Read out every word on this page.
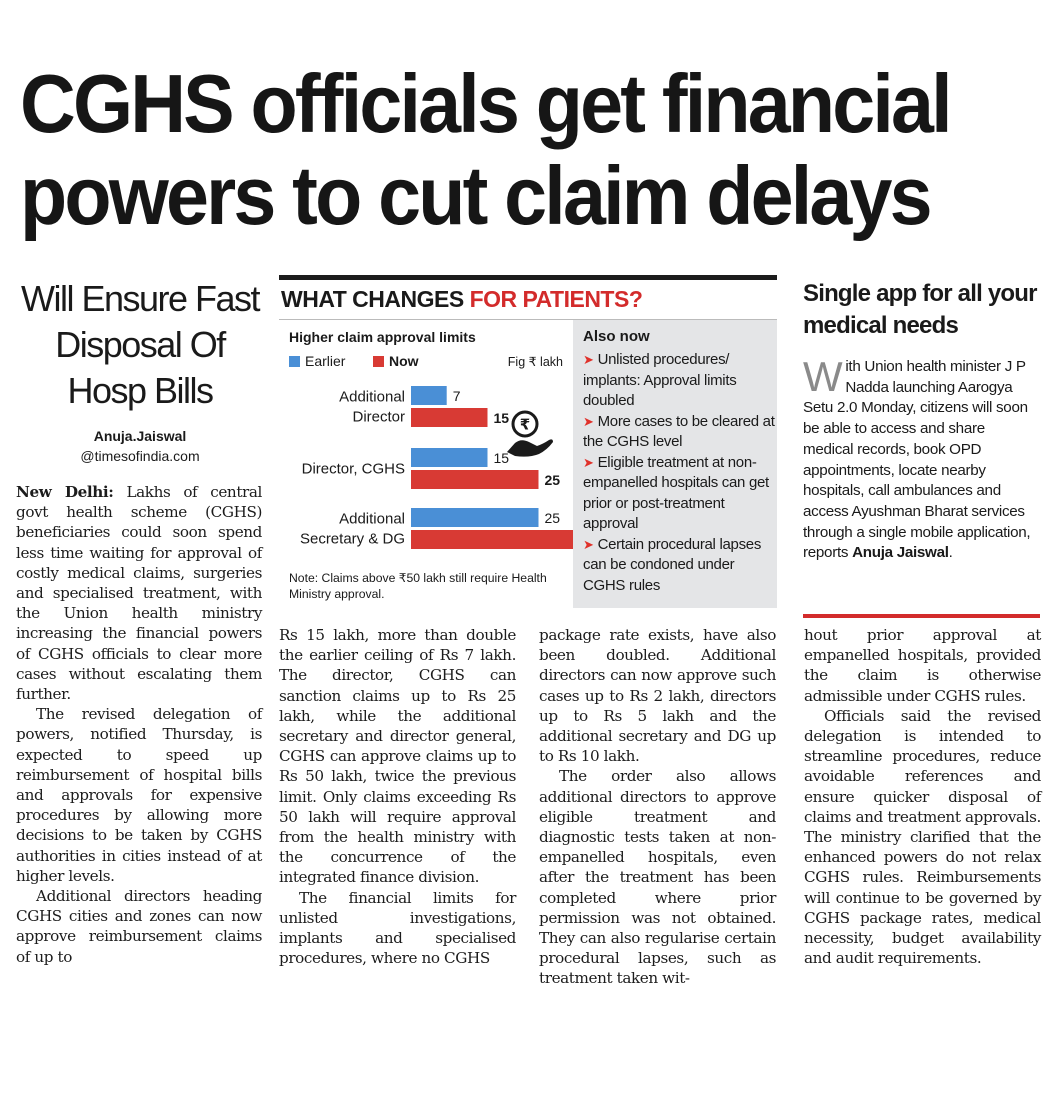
CGHS officials get financial powers to cut claim delays
Will Ensure Fast Disposal Of Hosp Bills
Anuja.Jaiswal
@timesofindia.com

New Delhi: Lakhs of central govt health scheme (CGHS) beneficiaries could soon spend less time waiting for approval of costly medical claims, surgeries and specialised treatment, with the Union health ministry increasing the financial powers of CGHS officials to clear more cases without escalating them further.

The revised delegation of powers, notified Thursday, is expected to speed up reimbursement of hospital bills and approvals for expensive procedures by allowing more decisions to be taken by CGHS authorities in cities instead of at higher levels.

Additional directors heading CGHS cities and zones can now approve reimbursement claims of up to

WHAT CHANGES FOR PATIENTS?
Higher claim approval limits
Earlier	Now	Fig ₹ lakh
₹
7
15
Additional
Director
15
25
Director, CGHS
25
Additional
Secretary & DG
Note: Claims above ₹50 lakh still require Health Ministry approval.
Also now
➤ Unlisted procedures/ implants: Approval limits doubled
➤ More cases to be cleared at the CGHS level
➤ Eligible treatment at non-empanelled hospitals can get prior or post-treatment approval
➤ Certain procedural lapses can be condoned under CGHS rules

Rs 15 lakh, more than double the earlier ceiling of Rs 7 lakh. The director, CGHS can sanction claims up to Rs 25 lakh, while the additional secretary and director general, CGHS can approve claims up to Rs 50 lakh, twice the previous limit. Only claims exceeding Rs 50 lakh will require approval from the health ministry with the concurrence of the integrated finance division.

The financial limits for unlisted investigations, implants and specialised procedures, where no CGHS

package rate exists, have also been doubled. Additional directors can now approve such cases up to Rs 2 lakh, directors up to Rs 5 lakh and the additional secretary and DG up to Rs 10 lakh.

The order also allows additional directors to approve eligible treatment and diagnostic tests taken at non-empanelled hospitals, even after the treatment has been completed where prior permission was not obtained. They can also regularise certain procedural lapses, such as treatment taken wit-

hout prior approval at empanelled hospitals, provided the claim is otherwise admissible under CGHS rules.

Officials said the revised delegation is intended to streamline procedures, reduce avoidable references and ensure quicker disposal of claims and treatment approvals. The ministry clarified that the enhanced powers do not relax CGHS rules. Reimbursements will continue to be governed by CGHS package rates, medical necessity, budget availability and audit requirements.

Single app for all your medical needs
With Union health minister J P Nadda launching Aarogya Setu 2.0 Monday, citizens will soon be able to access and share medical records, book OPD appointments, locate nearby hospitals, call ambulances and access Ayushman Bharat services through a single mobile application, reports Anuja Jaiswal.
